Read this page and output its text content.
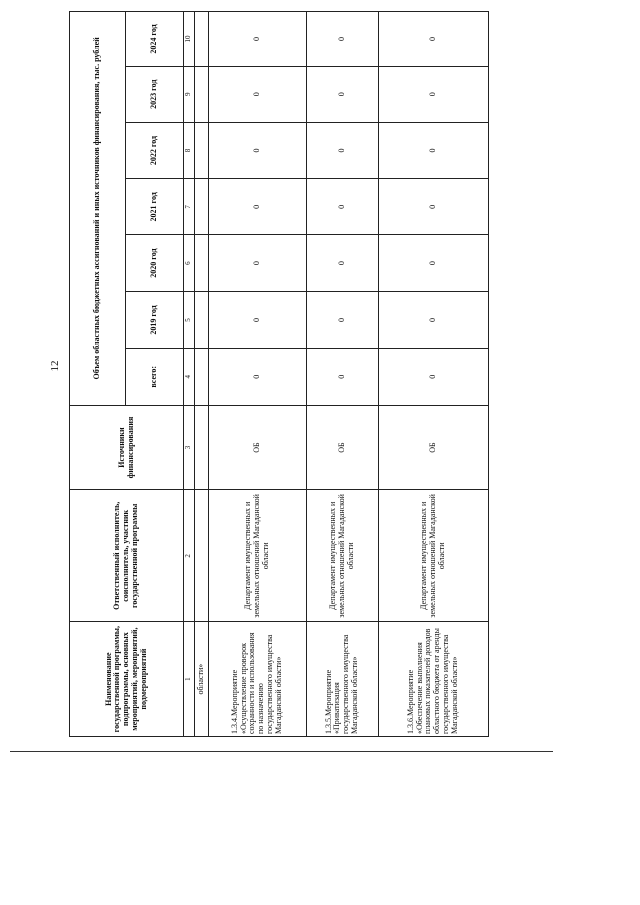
12
Наименование государственной программы, подпрограммы, основных мероприятий, мероприятий, подмероприятий	Ответственный исполнитель, соисполнитель, участник государственной программы	Источники финансирования	Объем областных бюджетных ассигнований и иных источников финансирования, тыс. рублей						
			всего:	2019 год	2020 год	2021 год	2022 год	2023 год	2024 год
1	2	3	4	5	6	7	8	9	10
области»									
1.3.4.Мероприятие «Осуществление проверок сохранности и использования по назначению государственного имущества Магаданской области»	Департамент имущественных и земельных отношений Магаданской области	ОБ	0	0	0	0	0	0	0
1.3.5.Мероприятие «Приватизация государственного имущества Магаданской области»	Департамент имущественных и земельных отношений Магаданской области	ОБ	0	0	0	0	0	0	0
1.3.6.Мероприятие «Обеспечение выполнения плановых показателей доходов областного бюджета от аренды государственного имущества Магаданской области»	Департамент имущественных и земельных отношений Магаданской области	ОБ	0	0	0	0	0	0	0
